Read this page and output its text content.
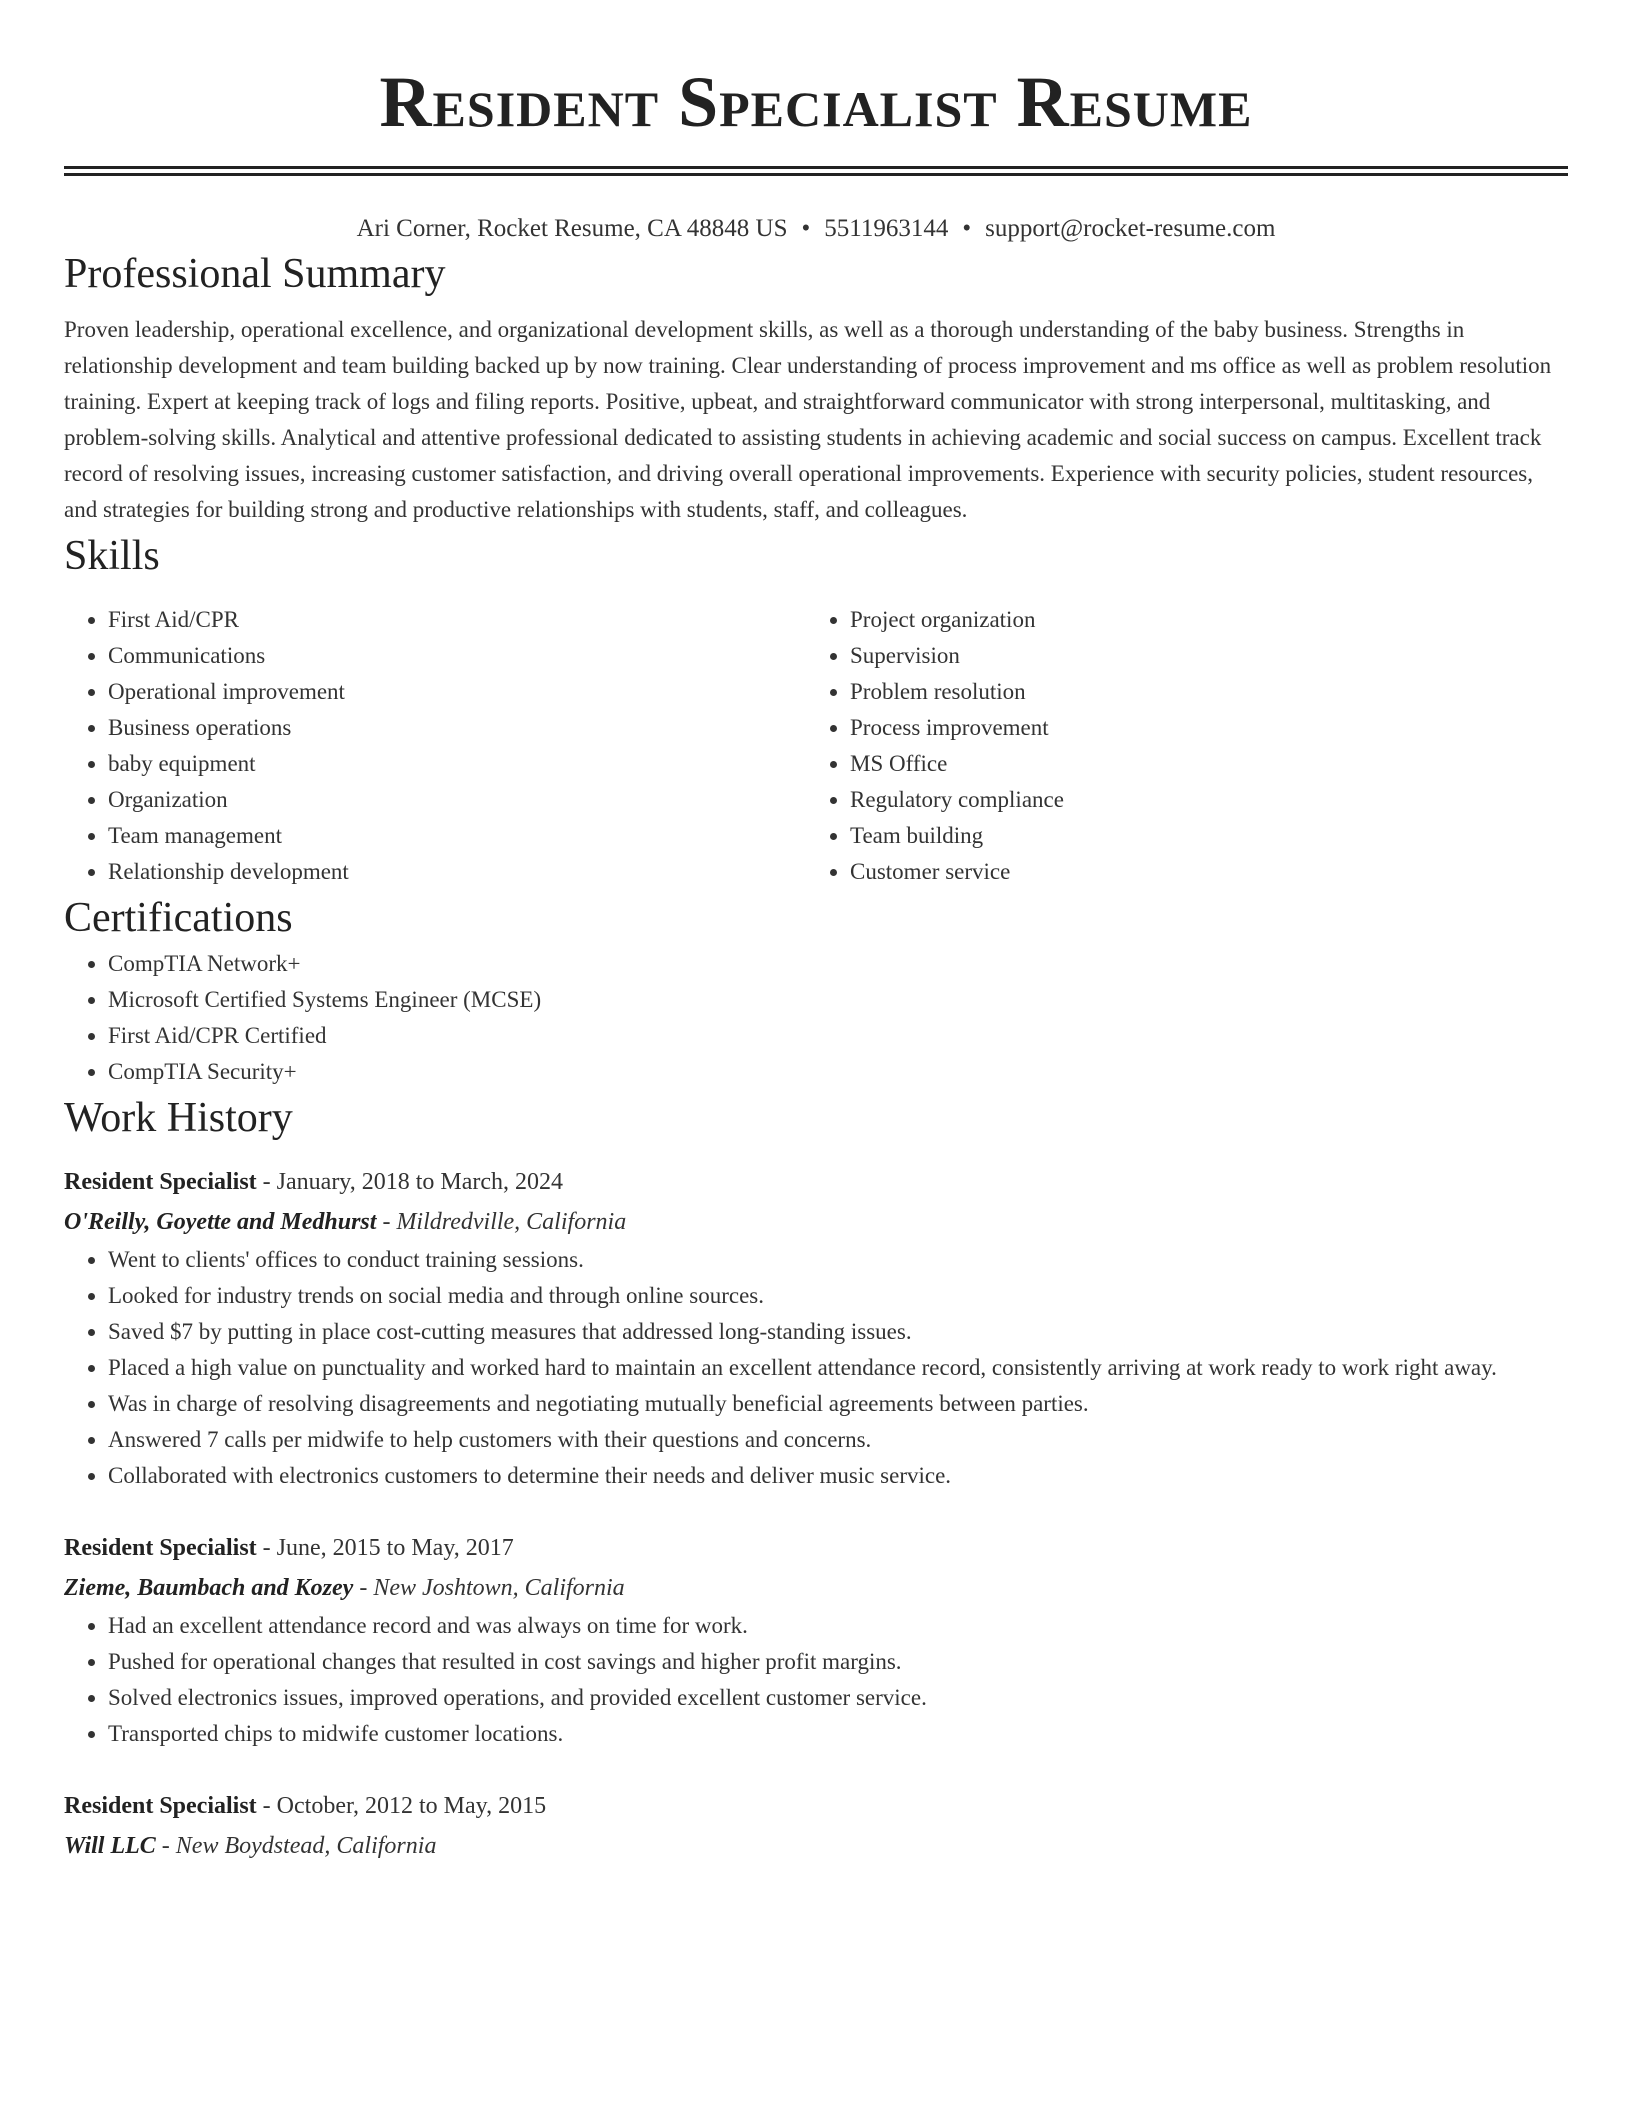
Resident Specialist Resume
Ari Corner, Rocket Resume, CA 48848 US • 5511963144 • support@rocket-resume.com
Professional Summary

Proven leadership, operational excellence, and organizational development skills, as well as a thorough understanding of the baby business. Strengths in relationship development and team building backed up by now training. Clear understanding of process improvement and ms office as well as problem resolution training. Expert at keeping track of logs and filing reports. Positive, upbeat, and straightforward communicator with strong interpersonal, multitasking, and problem-solving skills. Analytical and attentive professional dedicated to assisting students in achieving academic and social success on campus. Excellent track record of resolving issues, increasing customer satisfaction, and driving overall operational improvements. Experience with security policies, student resources, and strategies for building strong and productive relationships with students, staff, and colleagues.

Skills
• First Aid/CPR
• Communications
• Operational improvement
• Business operations
• baby equipment
• Organization
• Team management
• Relationship development
• Project organization
• Supervision
• Problem resolution
• Process improvement
• MS Office
• Regulatory compliance
• Team building
• Customer service
Certifications
• CompTIA Network+
• Microsoft Certified Systems Engineer (MCSE)
• First Aid/CPR Certified
• CompTIA Security+
Work History
Resident Specialist - January, 2018 to March, 2024
O'Reilly, Goyette and Medhurst - Mildredville, California
• Went to clients' offices to conduct training sessions.
• Looked for industry trends on social media and through online sources.
• Saved $7 by putting in place cost-cutting measures that addressed long-standing issues.
• Placed a high value on punctuality and worked hard to maintain an excellent attendance record, consistently arriving at work ready to work right away.
• Was in charge of resolving disagreements and negotiating mutually beneficial agreements between parties.
• Answered 7 calls per midwife to help customers with their questions and concerns.
• Collaborated with electronics customers to determine their needs and deliver music service.
Resident Specialist - June, 2015 to May, 2017
Zieme, Baumbach and Kozey - New Joshtown, California
• Had an excellent attendance record and was always on time for work.
• Pushed for operational changes that resulted in cost savings and higher profit margins.
• Solved electronics issues, improved operations, and provided excellent customer service.
• Transported chips to midwife customer locations.
Resident Specialist - October, 2012 to May, 2015
Will LLC - New Boydstead, California
